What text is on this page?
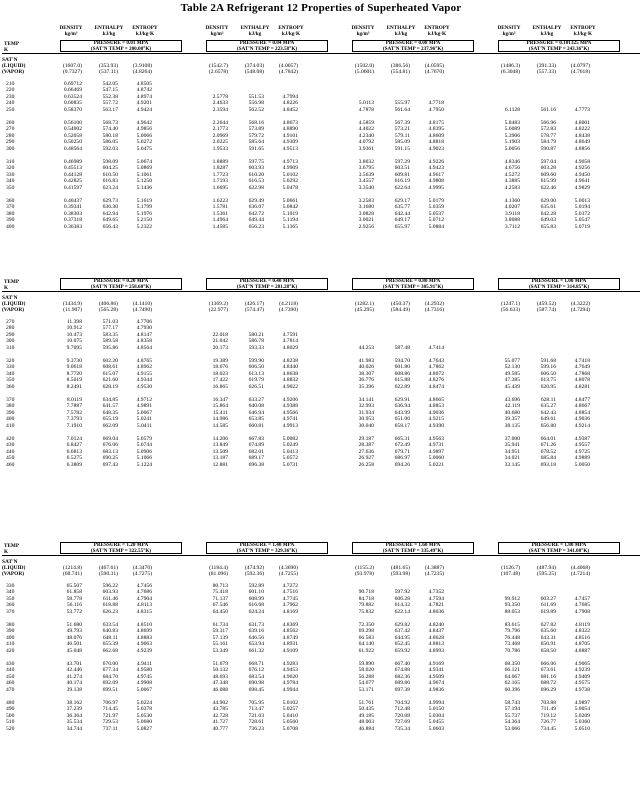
Table 2A Refrigerant 12 Properties of Superheated Vapor
DENSITY
kg/m³
ENTHALPY
kJ/kg
ENTROPY
kJ/kg·K
DENSITY
kg/m³
ENTHALPY
kJ/kg
ENTROPY
kJ/kg·K
DENSITY
kg/m³
ENTHALPY
kJ/kg
ENTROPY
kJ/kg·K
DENSITY
kg/m³
ENTHALPY
kJ/kg
ENTROPY
kJ/kg·K
TEMP
K
PRESSURE = 0.01 MPA
(SAT'N TEMP = 200.00°K)
PRESSURE = 0.04 MPA
(SAT'N TEMP = 223.58°K)
PRESSURE = 0.08 MPA
(SAT'N TEMP = 237.96°K)
PRESSURE = 0.101325 MPA
(SAT'N TEMP = 243.36°K)
SAT'N
(LIQUID)
(VAPOR)
(1607.0)	(353.93)	(3.9108)
(0.7327)	(537.11)	(4.8264)
(1542.7)	(374.03)	(4.0057)
(2.6578)	(548.08)	(4.7842)
(1502.0)	(386.56)	(4.0595)
(5.0601)	(554.81)	(4.7670)
(1486.3)	(391.33)	(4.0797)
(6.3048)	(557.33)	(4.7618)
210	0.69712	542.05	4.8505
220	0.66469	547.15	4.8742
230	0.63524	552.38	4.8974	2.5778	551.53	4.7994
240	0.60835	557.72	4.9201	2.4633	556.98	4.8226	5.0113	555.97	4.7718
250	0.58370	563.17	4.9424	2.3594	562.52	4.8452	4.7878	561.64	4.7950	6.1128	561.16	4.7773
260	0.56100	568.73	4.9642	2.2644	568.16	4.8673	4.5859	567.39	4.8175	5.8483	566.96	4.8001
270	0.54002	574.40	4.9856	2.1773	573.89	4.8890	4.4022	573.21	4.8395	5.6089	572.83	4.8222
280	0.52058	580.18	5.0066	2.0969	579.72	4.9101	4.2340	579.11	4.8609	5.3906	578.77	4.8438
290	0.50250	586.05	5.0272	2.0225	585.64	4.9309	4.0792	585.09	4.8818	5.1903	584.79	4.8649
300	0.48564	592.03	5.0475	1.9533	591.65	4.9513	3.9361	591.15	4.9023	5.0056	590.87	4.8856
310	0.46989	598.09	5.0674	1.8889	597.75	4.9713	3.8032	597.29	4.9226	4.8346	597.04	4.9058
320	0.45513	604.25	5.0869	1.8287	603.93	4.9909	3.6795	603.51	4.9423	4.6756	603.28	4.9256
330	0.44128	610.50	5.1061	1.7723	610.20	5.0102	3.5639	609.81	4.9617	4.5272	609.60	4.9450
340	0.42825	616.83	5.1250	1.7193	616.53	5.0292	3.4557	616.19	4.9808	4.3885	615.99	4.9641
350	0.41597	623.24	5.1436	1.6695	622.98	5.0478	3.3540	622.64	4.9995	4.2583	622.46	4.9829
360	0.40437	629.73	5.1619	1.6223	629.49	5.0661	3.2583	629.17	5.0179	4.1360	629.00	5.0013
370	0.39341	636.30	5.1799	1.5781	636.07	5.0842	3.1680	635.77	5.0359	4.0207	635.61	5.0194
380	0.38303	642.94	5.1976	1.5361	642.72	5.1019	3.0828	642.44	5.0537	3.9118	642.28	5.0372
390	0.37318	649.65	5.2150	1.4964	649.44	5.1194	3.0021	649.17	5.0712	3.8088	649.03	5.0547
400	0.36383	656.43	5.2322	1.4585	656.23	5.1365	2.9256	655.97	5.0884	3.7112	655.83	5.0719
TEMP
K
PRESSURE = 0.20 MPA
(SAT'N TEMP = 258.60°K)
PRESSURE = 0.40 MPA
(SAT'N TEMP = 281.28°K)
PRESSURE = 0.80 MPA
(SAT'N TEMP = 305.91°K)
PRESSURE = 1.00 MPA
(SAT'N TEMP = 314.85°K)
SAT'N
(LIQUID)
(VAPOR)
(1434.9)	(406.86)	(4.1410)
(11.907)	(565.28)	(4.7490)
(1369.2)	(426.17)	(4.2118)
(22.977)	(574.47)	(4.7390)
(1282.1)	(450.37)	(4.2932)
(45.295)	(584.49)	(4.7316)
(1247.1)	(459.52)	(4.3222)
(56.633)	(587.74)	(4.7294)
270	11.398	571.03	4.7706
280	10.912	577.17	4.7930
290	10.473	583.35	4.8147	22.018	580.21	4.7591
300	10.075	589.58	4.8358	21.042	586.78	4.7814
310	9.7095	595.86	4.8564	20.173	593.33	4.8029	44.253	587.48	4.7414
320	9.3730	602.20	4.8765	19.389	599.90	4.8238	41.983	594.70	4.7643	55.077	591.68	4.7418
330	9.0618	608.61	4.8962	18.676	606.50	4.8440	40.026	601.80	4.7862	52.130	599.16	4.7649
340	8.7720	615.07	4.9155	18.023	613.13	4.8638	38.307	608.86	4.8072	49.585	606.50	4.7868
350	8.5019	621.60	4.9344	17.422	619.79	4.8832	36.776	615.88	4.8276	47.385	613.75	4.8078
360	8.2491	628.19	4.9530	16.865	626.51	4.9022	35.396	622.89	4.8474	45.439	620.95	4.8281
370	8.0119	634.85	4.9712	16.347	633.27	4.9206	34.141	629.91	4.8665	43.696	628.11	4.8477
380	7.7887	641.57	4.9891	15.864	640.08	4.9388	32.993	636.94	4.8853	42.119	635.27	4.8667
390	7.5782	648.35	5.0067	15.411	646.94	4.9566	31.934	643.99	4.9036	40.680	642.43	4.8854
400	7.3793	655.19	5.0241	14.986	653.85	4.9741	30.953	651.06	4.9215	39.357	649.61	4.9036
410	7.1910	662.09	5.0411	14.585	660.81	4.9913	30.040	658.17	4.9390	38.135	656.80	4.9214
420	7.0124	669.04	5.0579	14.206	667.83	5.0082	29.187	665.31	4.9563	37.000	664.01	4.9387
430	6.8427	676.06	5.0744	13.849	674.89	5.0249	28.387	672.49	4.9731	35.941	671.26	4.9557
440	6.6813	683.13	5.0906	13.509	682.01	5.0413	27.636	679.71	4.9897	34.951	678.52	4.9725
450	6.5275	690.25	5.1066	13.187	689.17	5.0572	26.927	686.97	5.0060	34.021	685.84	4.9889
460	6.3809	697.43	5.1224	12.881	696.38	5.0731	26.258	694.26	5.0221	33.145	693.18	5.0050
TEMP
K
PRESSURE = 1.20 MPA
(SAT'N TEMP = 322.55°K)
PRESSURE = 1.40 MPA
(SAT'N TEMP = 329.36°K)
PRESSURE = 1.60 MPA
(SAT'N TEMP = 335.49°K)
PRESSURE = 1.80 MPA
(SAT'N TEMP = 341.08°K)
SAT'N
(LIQUID)
(VAPOR)
(1214.8)	(467.61)	(4.3470)
(68.741)	(590.31)	(4.7275)
(1184.4)	(474.92)	(4.3690)
(81.096)	(592.36)	(4.7255)
(1155.2)	(481.65)	(4.3887)
(93.978)	(593.98)	(4.7235)
(1126.7)	(487.94)	(4.4068)
(107.48)	(595.25)	(4.7214)
330	65.507	596.22	4.7456	80.713	592.89	4.7272
340	61.858	603.93	4.7686	75.418	601.10	4.7516	90.718	597.92	4.7352
350	58.778	611.46	4.7904	71.137	608.99	4.7745	84.718	606.28	4.7594	99.912	603.27	4.7457
360	56.116	618.88	4.8113	67.546	616.68	4.7962	79.882	614.32	4.7821	93.350	611.69	4.7685
370	53.772	626.23	4.8315	64.450	624.24	4.8169	75.832	622.14	4.8036	88.053	619.89	4.7908
380	51.680	633.54	4.8510	61.734	631.73	4.8369	72.350	629.82	4.8240	83.615	627.82	4.8119
390	49.793	640.83	4.8699	59.317	639.16	4.8562	69.298	637.42	4.8437	79.796	635.60	4.8322
400	48.076	648.11	4.8883	57.139	646.56	4.8749	66.583	644.95	4.8628	76.448	643.31	4.8516
410	46.501	655.39	4.9063	55.161	653.94	4.8931	64.140	652.45	4.8813	73.468	650.91	4.8705
420	45.048	662.68	4.9239	53.349	661.32	4.9109	61.922	659.92	4.8993	70.786	658.50	4.8887
430	43.701	670.00	4.9411	51.679	668.71	4.9283	59.890	667.40	4.9169	68.350	666.06	4.9065
440	42.446	677.34	4.9580	50.132	676.12	4.9453	58.020	674.88	4.9341	66.121	673.61	4.9239
450	41.274	684.70	4.9745	48.693	683.54	4.9620	56.288	682.36	4.9509	64.067	681.16	4.9409
460	40.174	692.09	4.9908	47.348	690.98	4.9784	54.677	689.86	4.9674	62.165	688.72	4.9575
470	39.138	699.51	5.0067	46.088	698.45	4.9944	53.171	697.38	4.9836	60.396	696.29	4.9738
480	38.162	706.97	5.0224	44.902	705.95	5.0102	51.761	704.92	4.9994	58.743	703.88	4.9897
490	37.239	714.45	5.0378	43.785	713.47	5.0257	50.435	712.48	5.0150	57.194	711.49	5.0054
500	36.364	721.97	5.0530	42.728	721.03	5.0410	49.185	720.08	5.0304	55.737	719.12	5.0209
510	35.534	729.53	5.0680	41.727	728.61	5.0560	48.003	727.69	5.0455	54.364	726.77	5.0360
520	34.744	737.11	5.0827	40.777	736.23	5.0708	46.884	735.34	5.0603	53.066	734.45	5.0510
